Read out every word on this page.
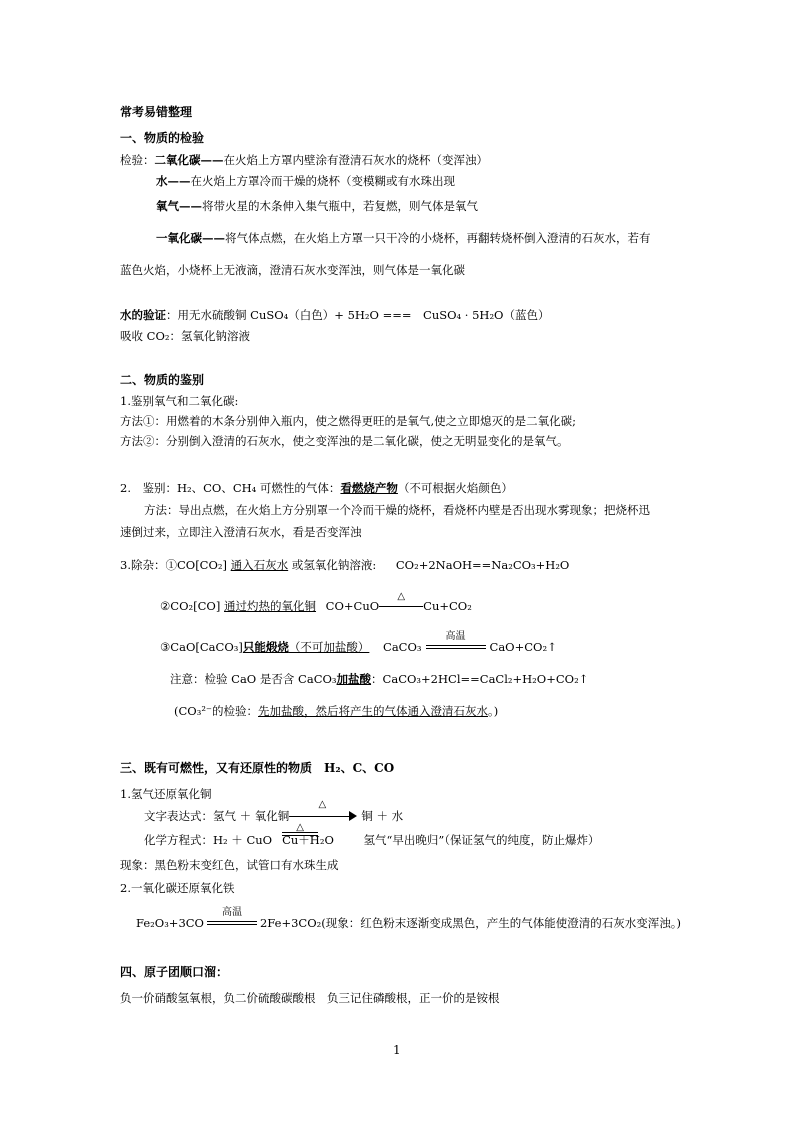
常考易错整理
一、物质的检验
检验：二氧化碳——在火焰上方罩内壁涂有澄清石灰水的烧杯（变浑浊）
水——在火焰上方罩冷而干燥的烧杯（变模糊或有水珠出现
氧气——将带火星的木条伸入集气瓶中，若复燃，则气体是氧气
一氧化碳——将气体点燃，在火焰上方罩一只干冷的小烧杯，再翻转烧杯倒入澄清的石灰水，若有
蓝色火焰，小烧杯上无液滴，澄清石灰水变浑浊，则气体是一氧化碳
水的验证：用无水硫酸铜 CuSO₄（白色）+ 5H₂O ===　CuSO₄ · 5H₂O（蓝色）
吸收 CO₂：氢氧化钠溶液
二、物质的鉴别
1.鉴别氧气和二氧化碳:
方法①：用燃着的木条分别伸入瓶内，使之燃得更旺的是氧气,使之立即熄灭的是二氧化碳;
方法②：分别倒入澄清的石灰水，使之变浑浊的是二氧化碳，使之无明显变化的是氧气。
2.　鉴别：H₂、CO、CH₄ 可燃性的气体：看燃烧产物（不可根据火焰颜色）
方法：导出点燃，在火焰上方分别罩一个冷而干燥的烧杯，看烧杯内壁是否出现水雾现象；把烧杯迅
速倒过来，立即注入澄清石灰水，看是否变浑浊
3.除杂：①CO[CO₂] 通入石灰水 或氢氧化钠溶液: CO₂+2NaOH==Na₂CO₃+H₂O
②CO₂[CO] 通过灼热的氧化铜 CO+CuO
△
Cu+CO₂
③CaO[CaCO₃]只能煅烧（不可加盐酸） CaCO₃
高温
CaO+CO₂↑
注意：检验 CaO 是否含 CaCO₃加盐酸：CaCO₃+2HCl==CaCl₂+H₂O+CO₂↑
(CO₃²⁻的检验：先加盐酸，然后将产生的气体通入澄清石灰水。)
三、既有可燃性，又有还原性的物质　H₂、C、CO
1.氢气还原氧化铜
文字表达式：氢气 ＋ 氧化铜
△
铜 ＋ 水
化学方程式：H₂ ＋ CuO
△
Cu＋H₂O	氢气“早出晚归”（保证氢气的纯度，防止爆炸）
现象：黑色粉末变红色，试管口有水珠生成
2.一氧化碳还原氧化铁
Fe₂O₃+3CO
高温
2Fe+3CO₂(现象：红色粉末逐渐变成黑色，产生的气体能使澄清的石灰水变浑浊。)
四、原子团顺口溜：
负一价硝酸氢氧根，负二价硫酸碳酸根　负三记住磷酸根，正一价的是铵根
1
